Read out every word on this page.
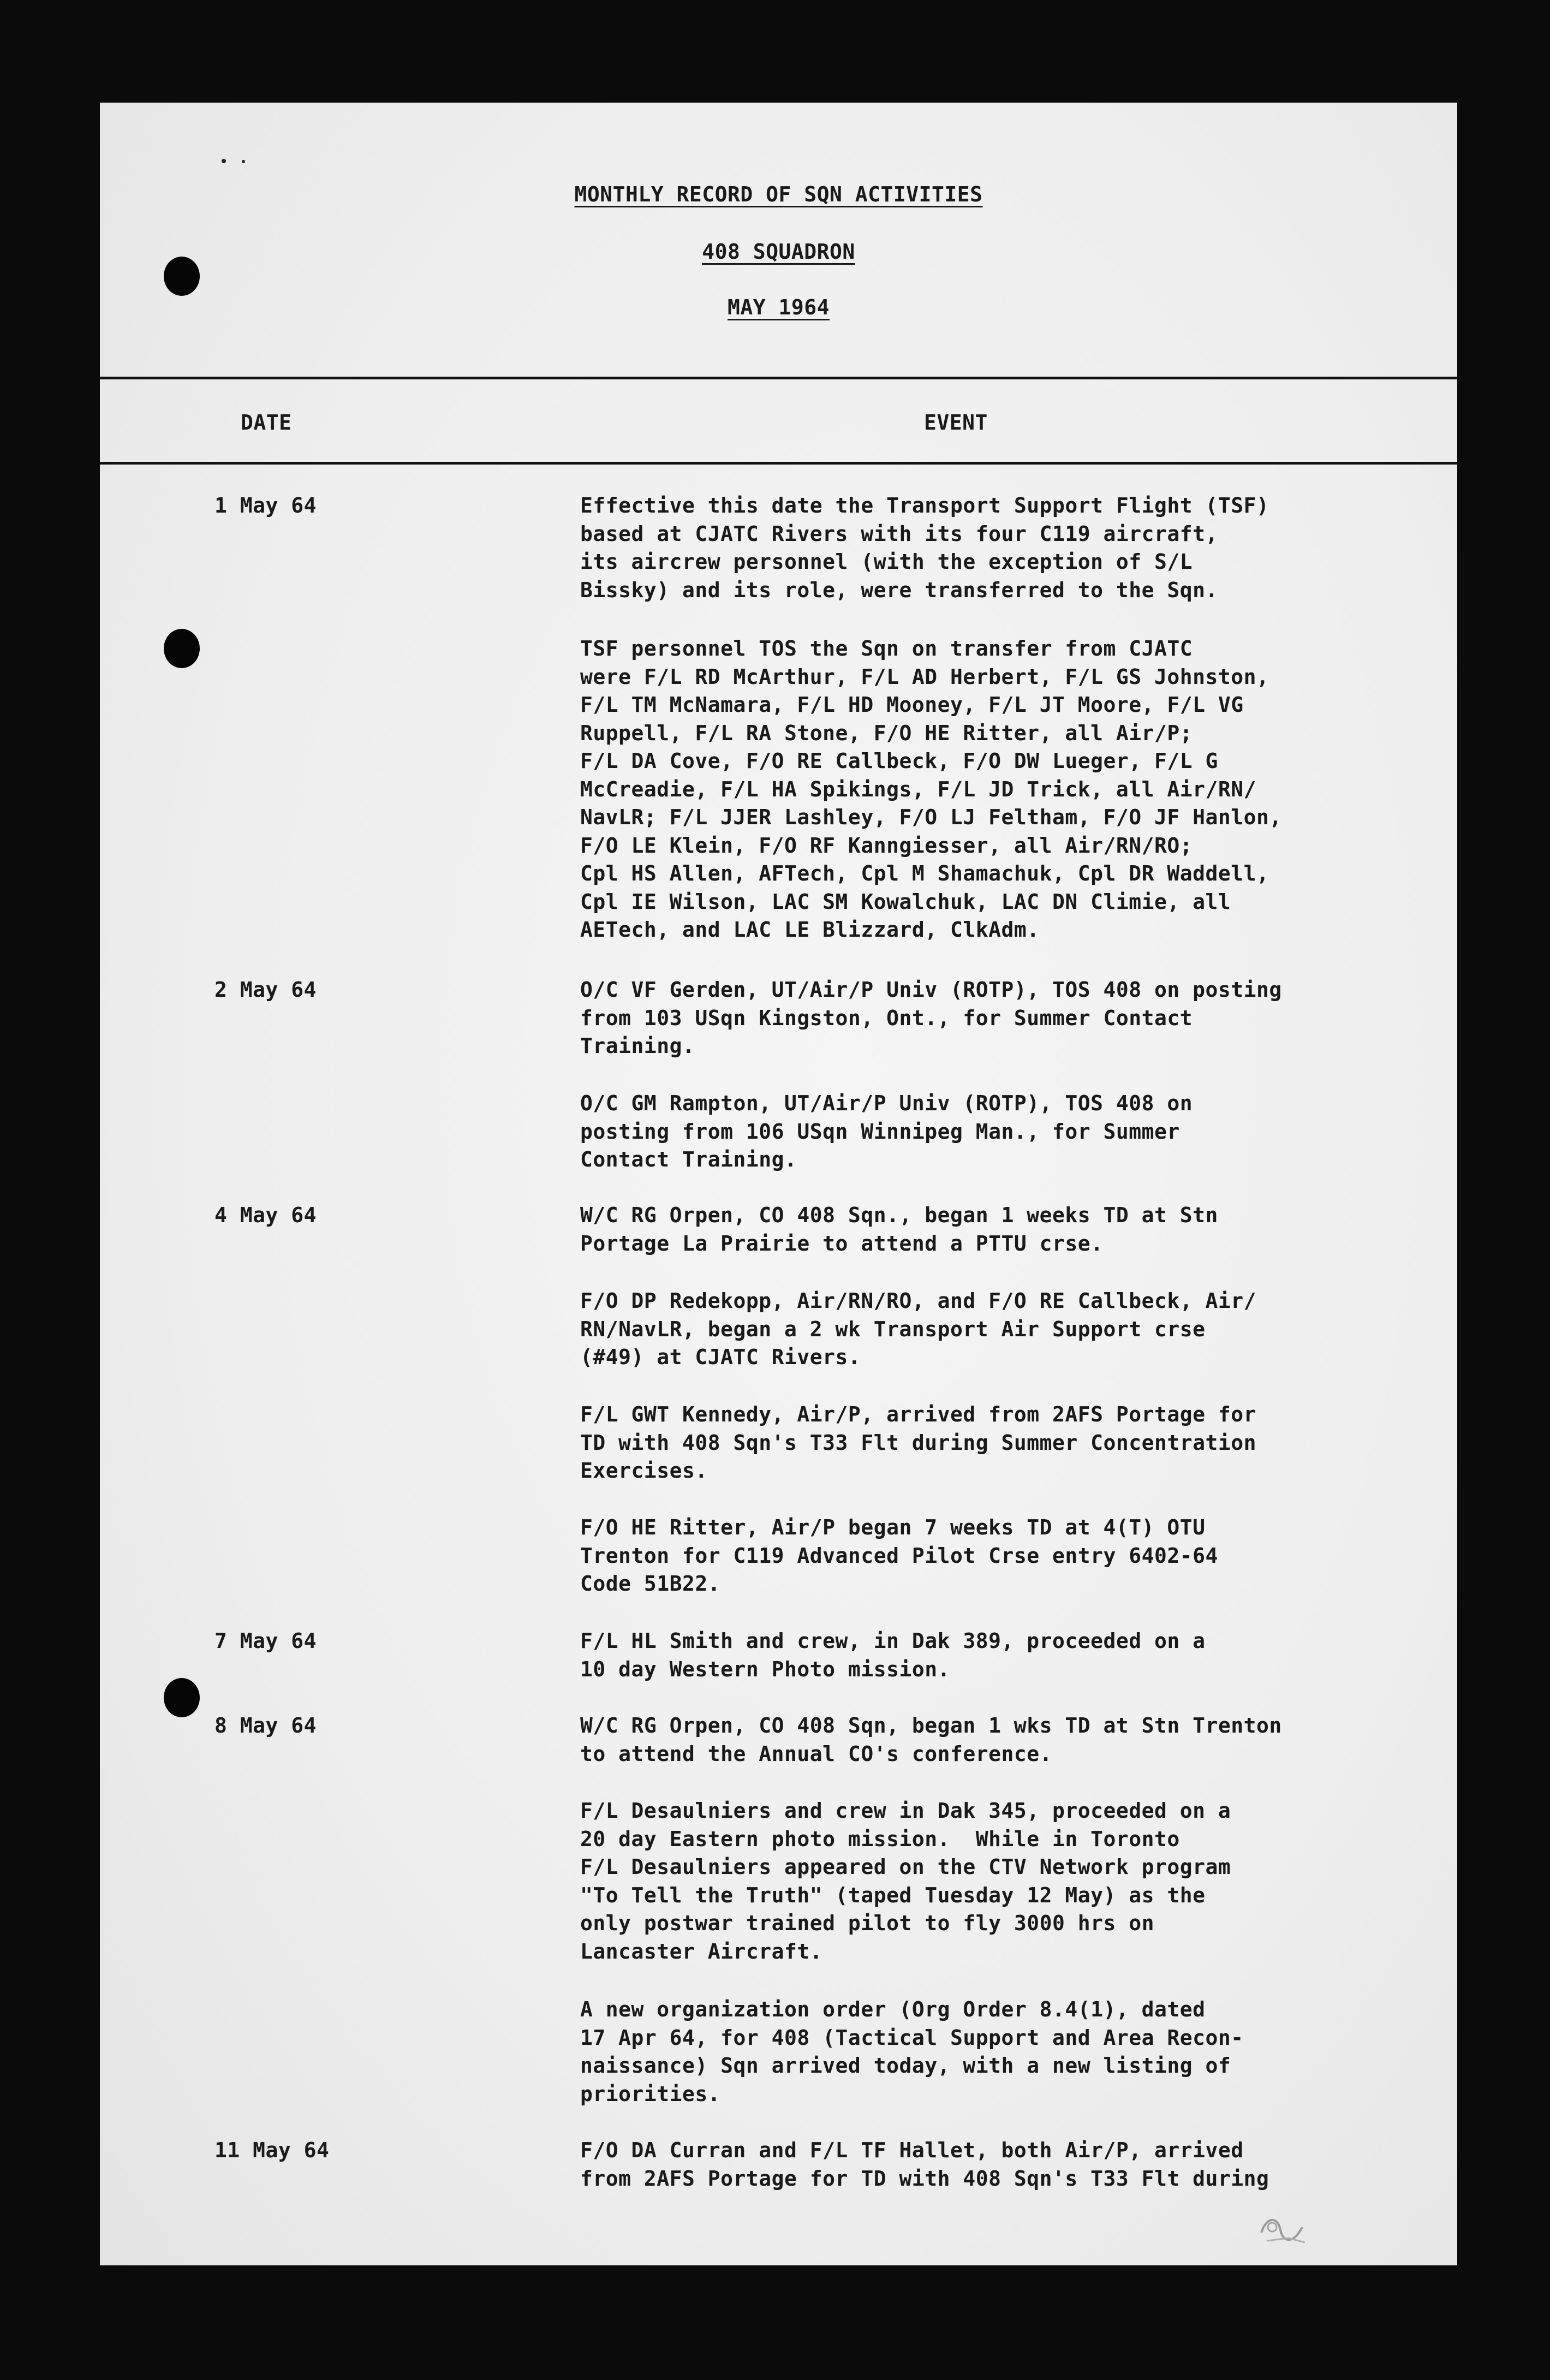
MONTHLY RECORD OF SQN ACTIVITIES
408 SQUADRON
MAY 1964
DATE	EVENT
1 May 64	Effective this date the Transport Support Flight (TSF)
based at CJATC Rivers with its four C119 aircraft,
its aircrew personnel (with the exception of S/L
Bissky) and its role, were transferred to the Sqn.
TSF personnel TOS the Sqn on transfer from CJATC
were F/L RD McArthur, F/L AD Herbert, F/L GS Johnston,
F/L TM McNamara, F/L HD Mooney, F/L JT Moore, F/L VG
Ruppell, F/L RA Stone, F/O HE Ritter, all Air/P;
F/L DA Cove, F/O RE Callbeck, F/O DW Lueger, F/L G
McCreadie, F/L HA Spikings, F/L JD Trick, all Air/RN/
NavLR; F/L JJER Lashley, F/O LJ Feltham, F/O JF Hanlon,
F/O LE Klein, F/O RF Kanngiesser, all Air/RN/RO;
Cpl HS Allen, AFTech, Cpl M Shamachuk, Cpl DR Waddell,
Cpl IE Wilson, LAC SM Kowalchuk, LAC DN Climie, all
AETech, and LAC LE Blizzard, ClkAdm.
2 May 64	O/C VF Gerden, UT/Air/P Univ (ROTP), TOS 408 on posting
from 103 USqn Kingston, Ont., for Summer Contact
Training.
O/C GM Rampton, UT/Air/P Univ (ROTP), TOS 408 on
posting from 106 USqn Winnipeg Man., for Summer
Contact Training.
4 May 64	W/C RG Orpen, CO 408 Sqn., began 1 weeks TD at Stn
Portage La Prairie to attend a PTTU crse.
F/O DP Redekopp, Air/RN/RO, and F/O RE Callbeck, Air/
RN/NavLR, began a 2 wk Transport Air Support crse
(#49) at CJATC Rivers.
F/L GWT Kennedy, Air/P, arrived from 2AFS Portage for
TD with 408 Sqn's T33 Flt during Summer Concentration
Exercises.
F/O HE Ritter, Air/P began 7 weeks TD at 4(T) OTU
Trenton for C119 Advanced Pilot Crse entry 6402-64
Code 51B22.
7 May 64	F/L HL Smith and crew, in Dak 389, proceeded on a
10 day Western Photo mission.
8 May 64	W/C RG Orpen, CO 408 Sqn, began 1 wks TD at Stn Trenton
to attend the Annual CO's conference.
F/L Desaulniers and crew in Dak 345, proceeded on a
20 day Eastern photo mission.  While in Toronto
F/L Desaulniers appeared on the CTV Network program
"To Tell the Truth" (taped Tuesday 12 May) as the
only postwar trained pilot to fly 3000 hrs on
Lancaster Aircraft.
A new organization order (Org Order 8.4(1), dated
17 Apr 64, for 408 (Tactical Support and Area Recon-
naissance) Sqn arrived today, with a new listing of
priorities.
11 May 64	F/O DA Curran and F/L TF Hallet, both Air/P, arrived
from 2AFS Portage for TD with 408 Sqn's T33 Flt during
